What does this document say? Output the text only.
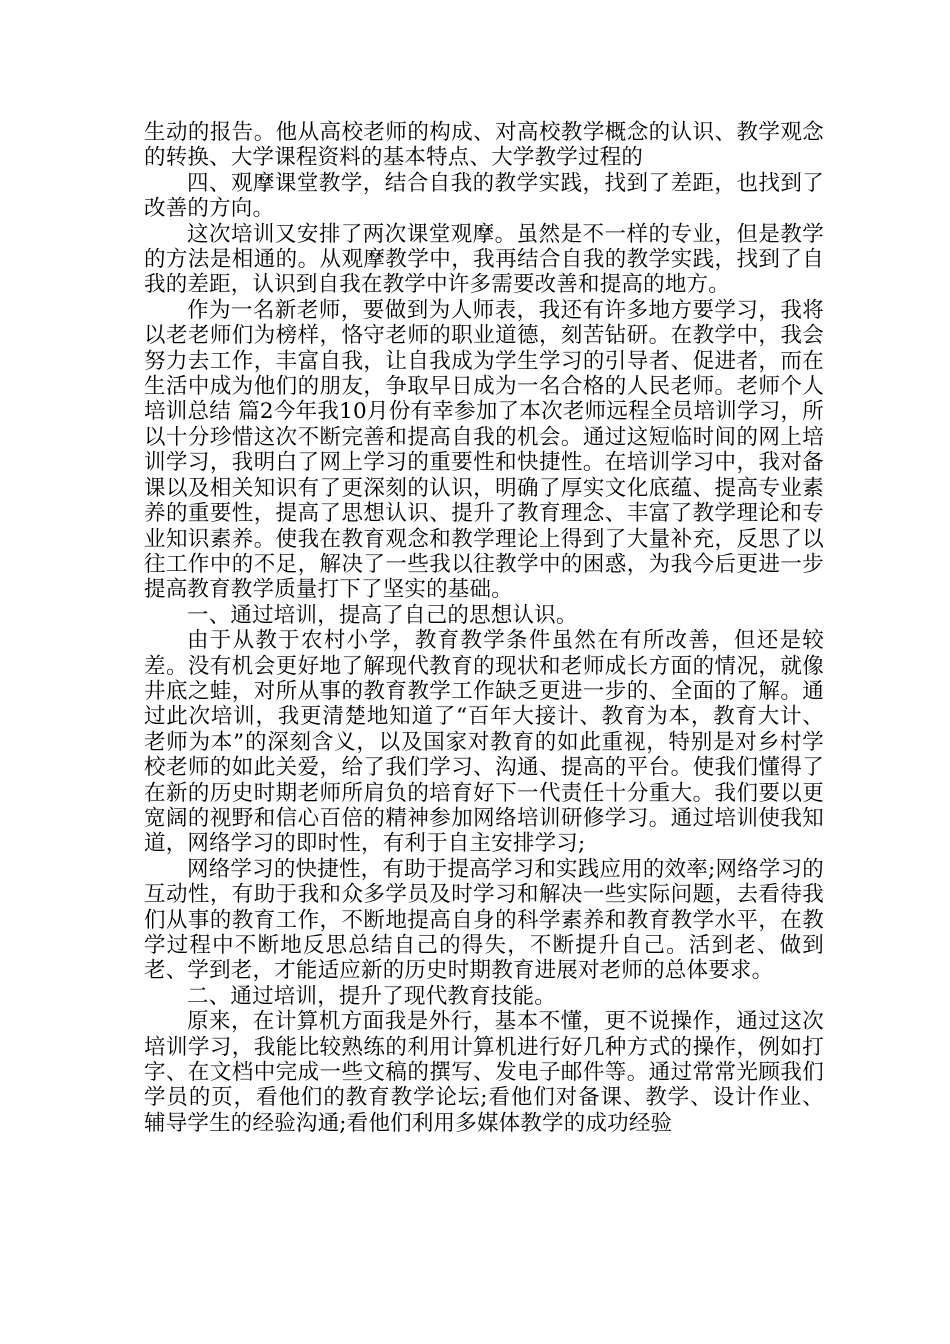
生动的报告。他从高校老师的构成、对高校教学概念的认识、教学观念的转换、大学课程资料的基本特点、大学教学过程的

四、观摩课堂教学，结合自我的教学实践，找到了差距，也找到了改善的方向。

这次培训又安排了两次课堂观摩。虽然是不一样的专业，但是教学的方法是相通的。从观摩教学中，我再结合自我的教学实践，找到了自我的差距，认识到自我在教学中许多需要改善和提高的地方。

作为一名新老师，要做到为人师表，我还有许多地方要学习，我将以老老师们为榜样，恪守老师的职业道德，刻苦钻研。在教学中，我会努力去工作，丰富自我，让自我成为学生学习的引导者、促进者，而在生活中成为他们的朋友，争取早日成为一名合格的人民老师。老师个人培训总结 篇2今年我10月份有幸参加了本次老师远程全员培训学习，所以十分珍惜这次不断完善和提高自我的机会。通过这短临时间的网上培训学习，我明白了网上学习的重要性和快捷性。在培训学习中，我对备课以及相关知识有了更深刻的认识，明确了厚实文化底蕴、提高专业素养的重要性，提高了思想认识、提升了教育理念、丰富了教学理论和专业知识素养。使我在教育观念和教学理论上得到了大量补充，反思了以往工作中的不足，解决了一些我以往教学中的困惑，为我今后更进一步提高教育教学质量打下了坚实的基础。

一、通过培训，提高了自己的思想认识。

由于从教于农村小学，教育教学条件虽然在有所改善，但还是较差。没有机会更好地了解现代教育的现状和老师成长方面的情况，就像井底之蛙，对所从事的教育教学工作缺乏更进一步的、全面的了解。通过此次培训，我更清楚地知道了“百年大接计、教育为本，教育大计、老师为本”的深刻含义，以及国家对教育的如此重视，特别是对乡村学校老师的如此关爱，给了我们学习、沟通、提高的平台。使我们懂得了在新的历史时期老师所肩负的培育好下一代责任十分重大。我们要以更宽阔的视野和信心百倍的精神参加网络培训研修学习。通过培训使我知道，网络学习的即时性，有利于自主安排学习;

网络学习的快捷性，有助于提高学习和实践应用的效率;网络学习的互动性，有助于我和众多学员及时学习和解决一些实际问题，去看待我们从事的教育工作，不断地提高自身的科学素养和教育教学水平，在教学过程中不断地反思总结自己的得失，不断提升自己。活到老、做到老、学到老，才能适应新的历史时期教育进展对老师的总体要求。

二、通过培训，提升了现代教育技能。

原来，在计算机方面我是外行，基本不懂，更不说操作，通过这次培训学习，我能比较熟练的利用计算机进行好几种方式的操作，例如打字、在文档中完成一些文稿的撰写、发电子邮件等。通过常常光顾我们学员的页，看他们的教育教学论坛;看他们对备课、教学、设计作业、辅导学生的经验沟通;看他们利用多媒体教学的成功经验
